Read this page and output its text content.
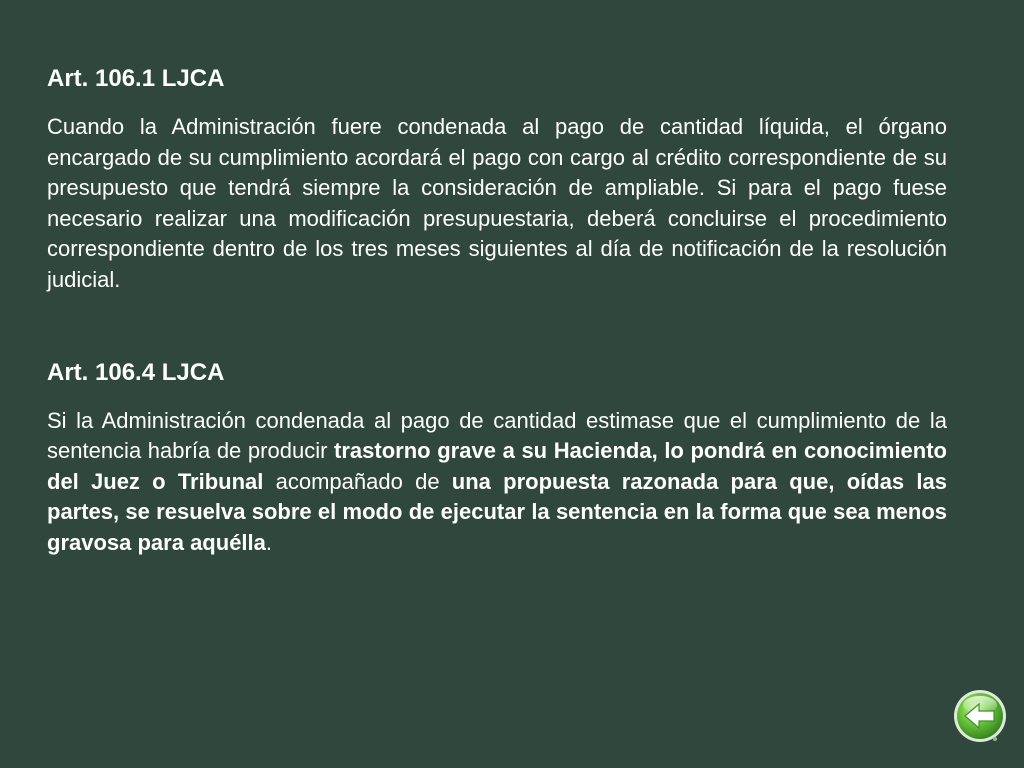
Art. 106.1 LJCA

Cuando la Administración fuere condenada al pago de cantidad líquida, el órgano encargado de su cumplimiento acordará el pago con cargo al crédito correspondiente de su presupuesto que tendrá siempre la consideración de ampliable. Si para el pago fuese necesario realizar una modificación presupuestaria, deberá concluirse el procedimiento correspondiente dentro de los tres meses siguientes al día de notificación de la resolución judicial.

Art. 106.4 LJCA

Si la Administración condenada al pago de cantidad estimase que el cumplimiento de la sentencia habría de producir trastorno grave a su Hacienda, lo pondrá en conocimiento del Juez o Tribunal acompañado de una propuesta razonada para que, oídas las partes, se resuelva sobre el modo de ejecutar la sentencia en la forma que sea menos gravosa para aquélla.
